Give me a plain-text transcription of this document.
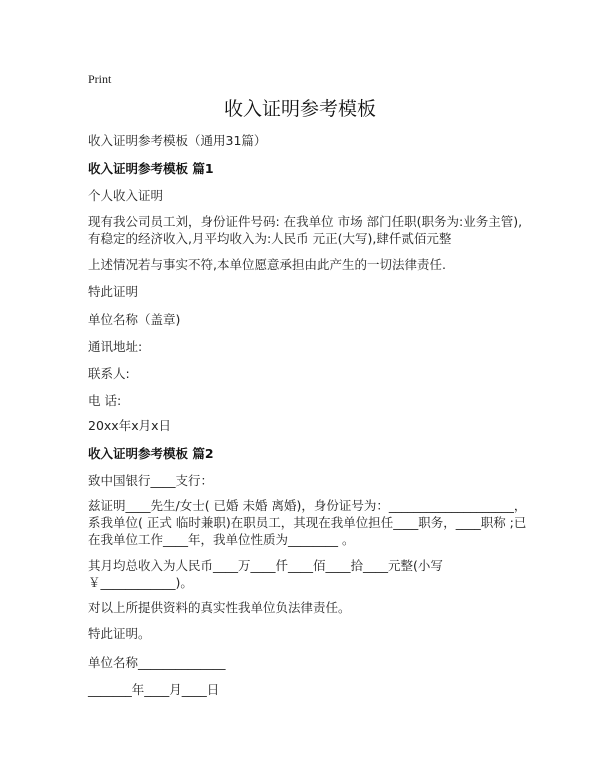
Print
收入证明参考模板
收入证明参考模板（通用31篇）
收入证明参考模板 篇1
个人收入证明
现有我公司员工刘，身份证件号码: 在我单位 市场 部门任职(职务为:业务主管), 有稳定的经济收入,月平均收入为:人民币 元正(大写),肆仟贰佰元整
上述情况若与事实不符,本单位愿意承担由此产生的一切法律责任.
特此证明
单位名称（盖章)
通讯地址:
联系人:
电 话:
20xx年x月x日
收入证明参考模板 篇2
致中国银行____支行：
兹证明____先生/女士( 已婚 未婚 离婚)，身份证号为：____________________，系我单位( 正式 临时兼职)在职员工，其现在我单位担任____职务，____职称 ;已在我单位工作____年，我单位性质为________ 。
其月均总收入为人民币____万____仟____佰____拾____元整(小写￥____________)。
对以上所提供资料的真实性我单位负法律责任。
特此证明。
单位名称______________
_______年____月____日
